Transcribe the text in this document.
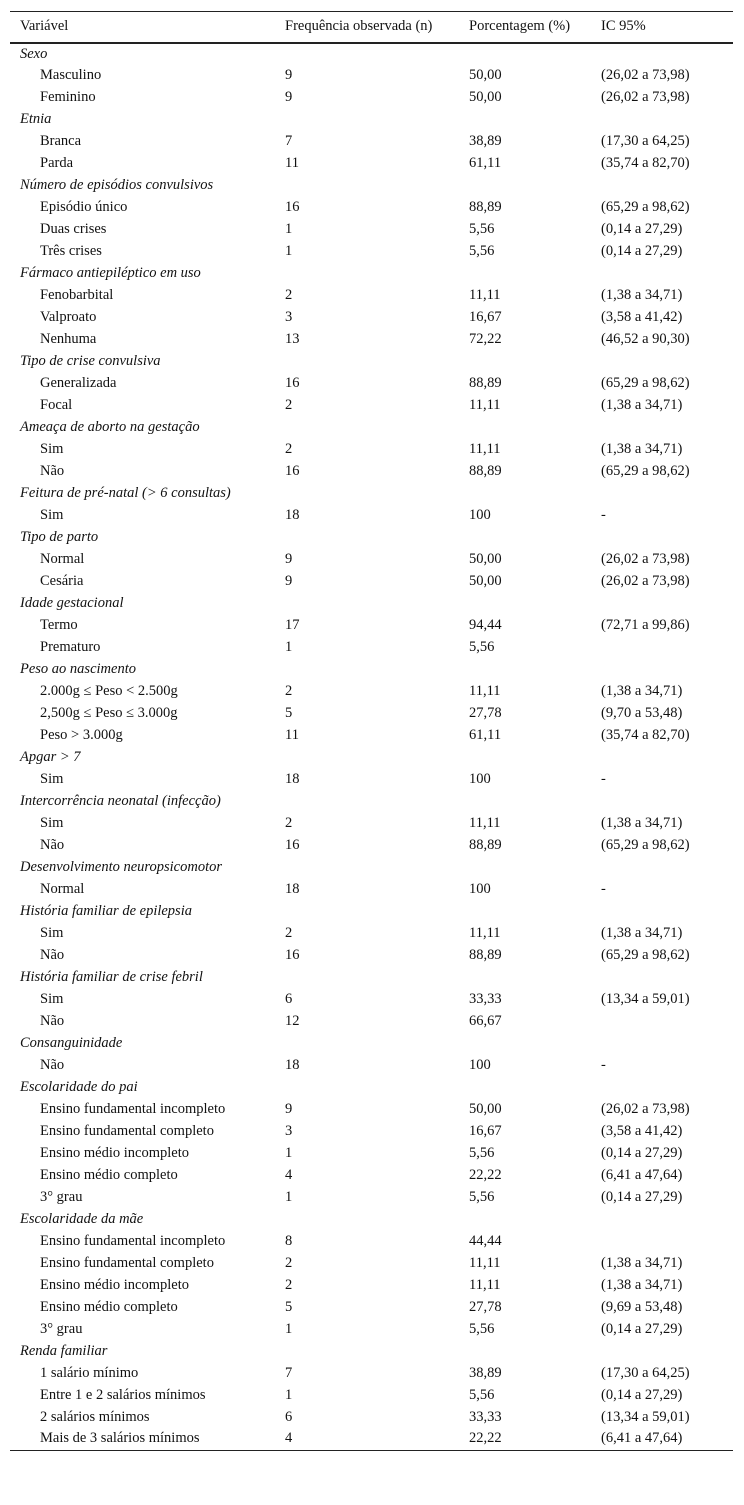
Variável	Frequência observada (n)	Porcentagem (%)	IC 95%
Sexo			
Masculino	9	50,00	(26,02 a 73,98)
Feminino	9	50,00	(26,02 a 73,98)
Etnia			
Branca	7	38,89	(17,30 a 64,25)
Parda	11	61,11	(35,74 a 82,70)
Número de episódios convulsivos			
Episódio único	16	88,89	(65,29 a 98,62)
Duas crises	1	5,56	(0,14 a 27,29)
Três crises	1	5,56	(0,14 a 27,29)
Fármaco antiepiléptico em uso			
Fenobarbital	2	11,11	(1,38 a 34,71)
Valproato	3	16,67	(3,58 a 41,42)
Nenhuma	13	72,22	(46,52 a 90,30)
Tipo de crise convulsiva			
Generalizada	16	88,89	(65,29 a 98,62)
Focal	2	11,11	(1,38 a 34,71)
Ameaça de aborto na gestação			
Sim	2	11,11	(1,38 a 34,71)
Não	16	88,89	(65,29 a 98,62)
Feitura de pré-natal (> 6 consultas)			
Sim	18	100	-
Tipo de parto			
Normal	9	50,00	(26,02 a 73,98)
Cesária	9	50,00	(26,02 a 73,98)
Idade gestacional			
Termo	17	94,44	(72,71 a 99,86)
Prematuro	1	5,56	
Peso ao nascimento			
2.000g ≤ Peso < 2.500g	2	11,11	(1,38 a 34,71)
2,500g ≤ Peso ≤ 3.000g	5	27,78	(9,70 a 53,48)
Peso > 3.000g	11	61,11	(35,74 a 82,70)
Apgar > 7			
Sim	18	100	-
Intercorrência neonatal (infecção)			
Sim	2	11,11	(1,38 a 34,71)
Não	16	88,89	(65,29 a 98,62)
Desenvolvimento neuropsicomotor			
Normal	18	100	-
História familiar de epilepsia			
Sim	2	11,11	(1,38 a 34,71)
Não	16	88,89	(65,29 a 98,62)
História familiar de crise febril			
Sim	6	33,33	(13,34 a 59,01)
Não	12	66,67	
Consanguinidade			
Não	18	100	-
Escolaridade do pai			
Ensino fundamental incompleto	9	50,00	(26,02 a 73,98)
Ensino fundamental completo	3	16,67	(3,58 a 41,42)
Ensino médio incompleto	1	5,56	(0,14 a 27,29)
Ensino médio completo	4	22,22	(6,41 a 47,64)
3° grau	1	5,56	(0,14 a 27,29)
Escolaridade da mãe			
Ensino fundamental incompleto	8	44,44	
Ensino fundamental completo	2	11,11	(1,38 a 34,71)
Ensino médio incompleto	2	11,11	(1,38 a 34,71)
Ensino médio completo	5	27,78	(9,69 a 53,48)
3° grau	1	5,56	(0,14 a 27,29)
Renda familiar			
1 salário mínimo	7	38,89	(17,30 a 64,25)
Entre 1 e 2 salários mínimos	1	5,56	(0,14 a 27,29)
2 salários mínimos	6	33,33	(13,34 a 59,01)
Mais de 3 salários mínimos	4	22,22	(6,41 a 47,64)
